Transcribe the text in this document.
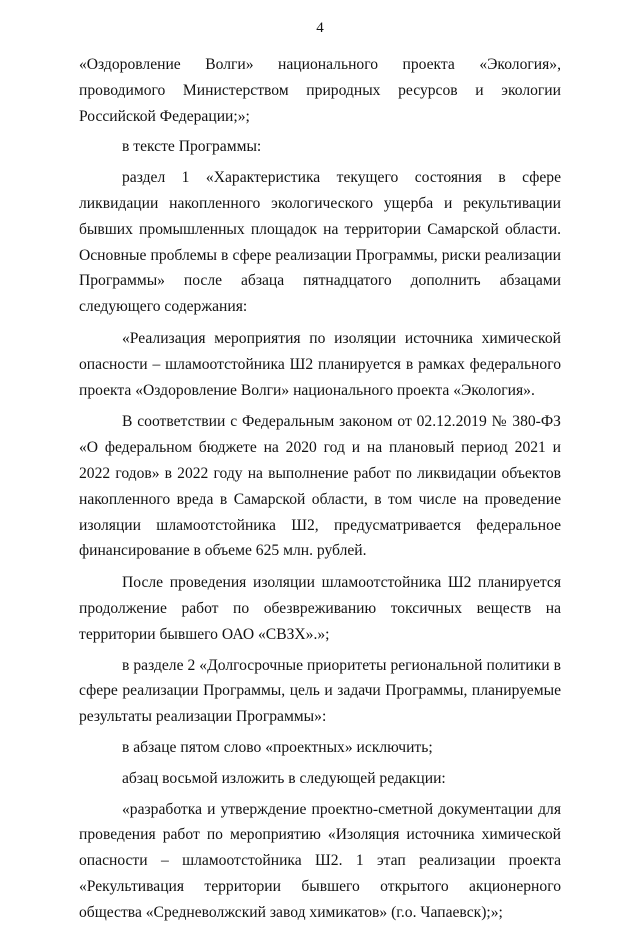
4

«Оздоровление Волги» национального проекта «Экология», проводимого Министерством природных ресурсов и экологии Российской Федерации;»;

в тексте Программы:

раздел 1 «Характеристика текущего состояния в сфере ликвидации накопленного экологического ущерба и рекультивации бывших промышленных площадок на территории Самарской области. Основные проблемы в сфере реализации Программы, риски реализации Программы» после абзаца пятнадцатого дополнить абзацами следующего содержания:

«Реализация мероприятия по изоляции источника химической опасности – шламоотстойника Ш2 планируется в рамках федерального проекта «Оздоровление Волги» национального проекта «Экология».

В соответствии с Федеральным законом от 02.12.2019 № 380-ФЗ «О федеральном бюджете на 2020 год и на плановый период 2021 и 2022 годов» в 2022 году на выполнение работ по ликвидации объектов накопленного вреда в Самарской области, в том числе на проведение изоляции шламоотстойника Ш2, предусматривается федеральное финансирование в объеме 625 млн. рублей.

После проведения изоляции шламоотстойника Ш2 планируется продолжение работ по обезвреживанию токсичных веществ на территории бывшего ОАО «СВЗХ».»;

в разделе 2 «Долгосрочные приоритеты региональной политики в сфере реализации Программы, цель и задачи Программы, планируемые результаты реализации Программы»:

в абзаце пятом слово «проектных» исключить;

абзац восьмой изложить в следующей редакции:

«разработка и утверждение проектно-сметной документации для проведения работ по мероприятию «Изоляция источника химической опасности – шламоотстойника Ш2. 1 этап реализации проекта «Рекультивация территории бывшего открытого акционерного общества «Средневолжский завод химикатов» (г.о. Чапаевск);»;
